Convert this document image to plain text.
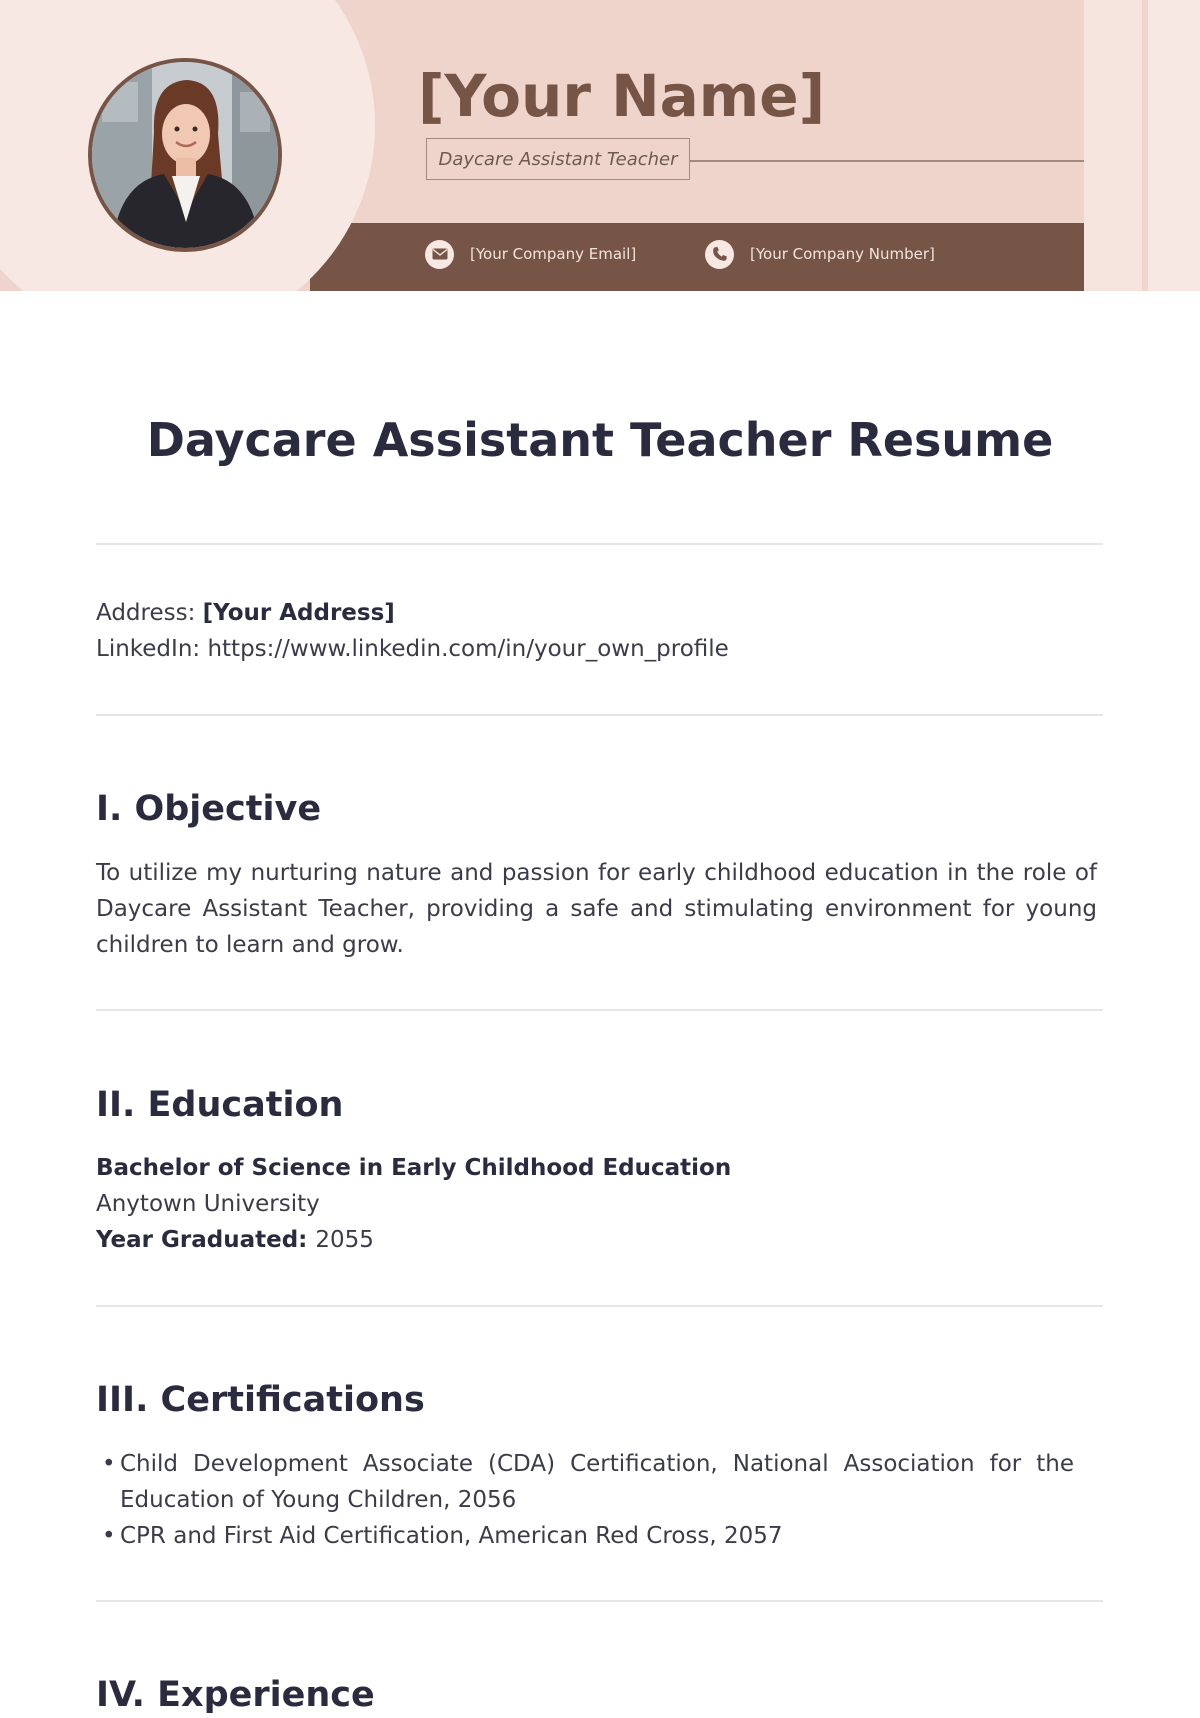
[Your Name]
Daycare Assistant Teacher
[Your Company Email]	[Your Company Number]
Daycare Assistant Teacher Resume

Address: [Your Address]

LinkedIn: https://www.linkedin.com/in/your_own_profile

I. Objective

To utilize my nurturing nature and passion for early childhood education in the role of Daycare Assistant Teacher, providing a safe and stimulating environment for young children to learn and grow.

II. Education

Bachelor of Science in Early Childhood Education

Anytown University

Year Graduated: 2055

III. Certifications
• Child Development Associate (CDA) Certification, National Association for the Education of Young Children, 2056
• CPR and First Aid Certification, American Red Cross, 2057
IV. Experience
